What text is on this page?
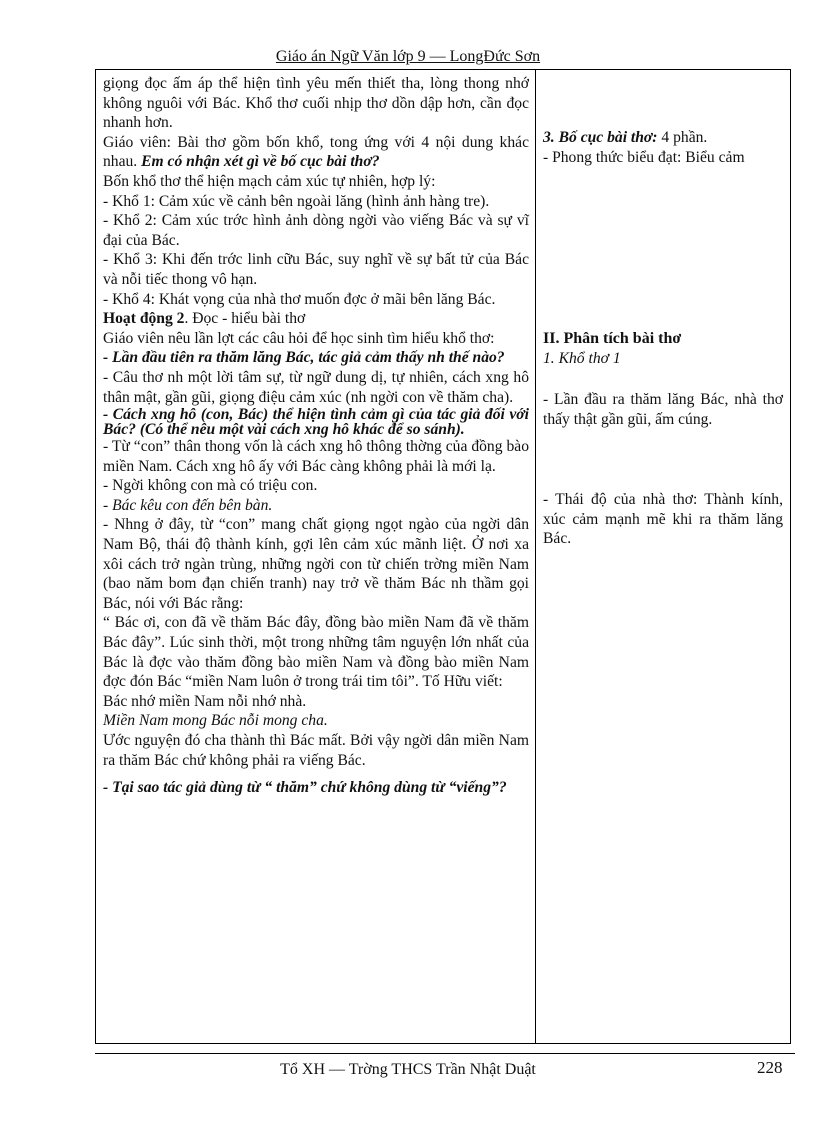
Giáo án Ngữ Văn lớp 9 — LongĐức Sơn

giọng đọc ấm áp thể hiện tình yêu mến thiết tha, lòng thong nhớ không nguôi với Bác. Khổ thơ cuối nhịp thơ dồn dập hơn, cần đọc nhanh hơn.

Giáo viên: Bài thơ gồm bốn khổ, tong ứng với 4 nội dung khác nhau. Em có nhận xét gì về bố cục bài thơ?

Bốn khổ thơ thể hiện mạch cảm xúc tự nhiên, hợp lý:

- Khổ 1: Cảm xúc về cảnh bên ngoài lăng (hình ảnh hàng tre).

- Khổ 2: Cảm xúc trớc hình ảnh dòng ngời vào viếng Bác và sự vĩ đại của Bác.

- Khổ 3: Khi đến trớc linh cữu Bác, suy nghĩ về sự bất tử của Bác và nỗi tiếc thong vô hạn.

- Khổ 4: Khát vọng của nhà thơ muốn đợc ở mãi bên lăng Bác.

Hoạt động 2. Đọc - hiểu bài thơ

Giáo viên nêu lần lợt các câu hỏi để học sinh tìm hiểu khổ thơ:

- Lần đầu tiên ra thăm lăng Bác, tác giả cảm thấy nh thế nào?

- Câu thơ nh một lời tâm sự, từ ngữ dung dị, tự nhiên, cách xng hô thân mật, gần gũi, giọng điệu cảm xúc (nh ngời con về thăm cha).

- Cách xng hô (con, Bác) thể hiện tình cảm gì của tác giả đối với Bác? (Có thể nêu một vài cách xng hô khác để so sánh).

- Từ “con” thân thong vốn là cách xng hô thông thờng của đồng bào miền Nam. Cách xng hô ấy với Bác càng không phải là mới lạ.

- Ngời không con mà có triệu con.

- Bác kêu con đến bên bàn.

- Nhng ở đây, từ “con” mang chất giọng ngọt ngào của ngời dân Nam Bộ, thái độ thành kính, gợi lên cảm xúc mãnh liệt. Ở nơi xa xôi cách trở ngàn trùng, những ngời con từ chiến trờng miền Nam (bao năm bom đạn chiến tranh) nay trở về thăm Bác nh thầm gọi Bác, nói với Bác rằng:

“ Bác ơi, con đã về thăm Bác đây, đồng bào miền Nam đã về thăm Bác đây”. Lúc sinh thời, một trong những tâm nguyện lớn nhất của Bác là đợc vào thăm đồng bào miền Nam và đồng bào miền Nam đợc đón Bác “miền Nam luôn ở trong trái tim tôi”. Tố Hữu viết:

Bác nhớ miền Nam nỗi nhớ nhà.

Miền Nam mong Bác nỗi mong cha.

Ước nguyện đó cha thành thì Bác mất. Bởi vậy ngời dân miền Nam ra thăm Bác chứ không phải ra viếng Bác.

- Tại sao tác giả dùng từ “ thăm” chứ không dùng từ “viếng”?

3. Bố cục bài thơ: 4 phần.

- Phong thức biểu đạt: Biểu cảm

II. Phân tích bài thơ

1. Khổ thơ 1

- Lần đầu ra thăm lăng Bác, nhà thơ thấy thật gần gũi, ấm cúng.

- Thái độ của nhà thơ: Thành kính, xúc cảm mạnh mẽ khi ra thăm lăng Bác.

Tổ XH — Trờng THCS Trần Nhật Duật	228
